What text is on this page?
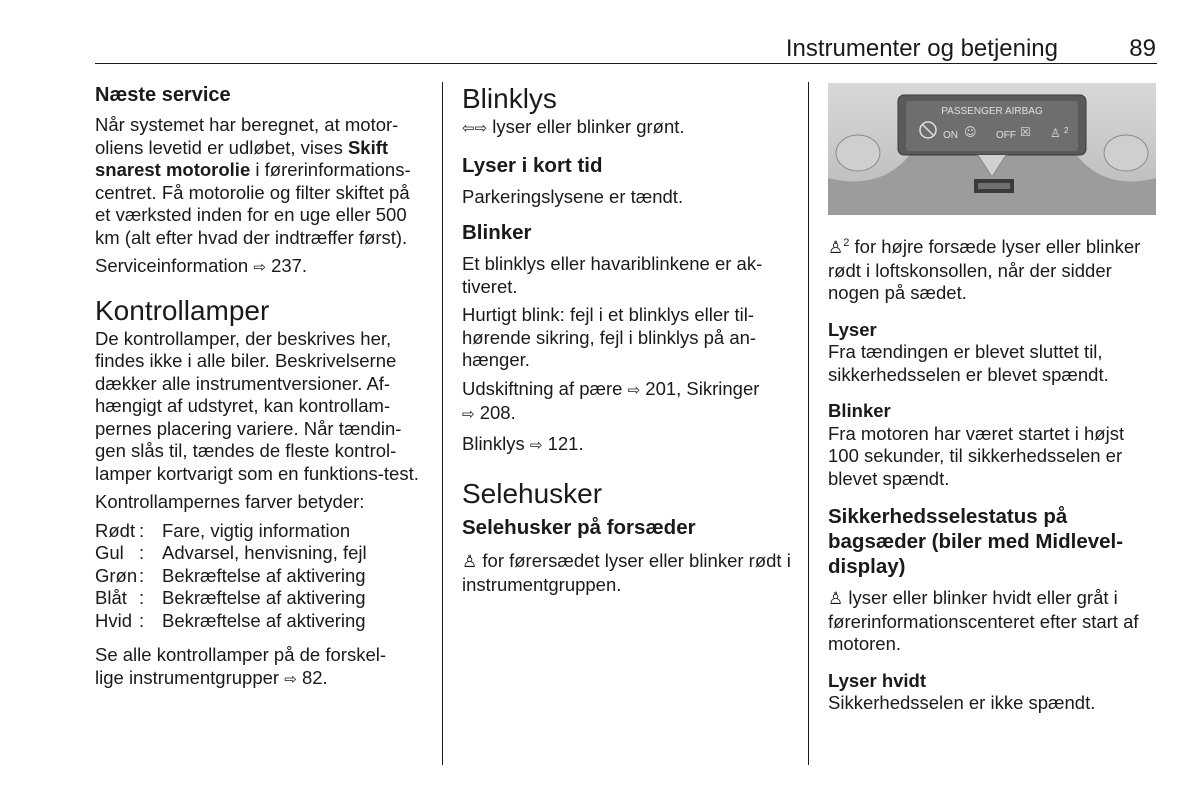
Instrumenter og betjening	89
Næste service

Når systemet har beregnet, at motor-
oliens levetid er udløbet, vises Skift snarest motorolie i førerinformations-centret. Få motorolie og filter skiftet på et værksted inden for en uge eller 500 km (alt efter hvad der indtræffer først).

Serviceinformation ⇨ 237.

Kontrollamper

De kontrollamper, der beskrives her, findes ikke i alle biler. Beskrivelserne dækker alle instrumentversioner. Af-hængigt af udstyret, kan kontrollam-pernes placering variere. Når tændin-gen slås til, tændes de fleste kontrol-lamper kortvarigt som en funktions-test.

Kontrollampernes farver betyder:

Rødt	:	Fare, vigtig information
Gul	:	Advarsel, henvisning, fejl
Grøn	:	Bekræftelse af aktivering
Blåt	:	Bekræftelse af aktivering
Hvid	:	Bekræftelse af aktivering

Se alle kontrollamper på de forskel-
lige instrumentgrupper ⇨ 82.

Blinklys

⇦⇨ lyser eller blinker grønt.

Lyser i kort tid

Parkeringslysene er tændt.

Blinker

Et blinklys eller havariblinkene er ak-tiveret.

Hurtigt blink: fejl i et blinklys eller til-hørende sikring, fejl i blinklys på an-hænger.

Udskiftning af pære ⇨ 201, Sikringer
⇨ 208.

Blinklys ⇨ 121.

Selehusker
Selehusker på forsæder

♙ for førersædet lyser eller blinker rødt i instrumentgruppen.

PASSENGER AIRBAG
ON ☺ OFF ☒ ♙ 2

♙$^2$ for højre forsæde lyser eller blinker rødt i loftskonsollen, når der sidder nogen på sædet.

Lyser

Fra tændingen er blevet sluttet til, sikkerhedsselen er blevet spændt.

Blinker

Fra motoren har været startet i højst 100 sekunder, til sikkerhedsselen er blevet spændt.

Sikkerhedsselestatus på bagsæder (biler med Midlevel-display)

♙ lyser eller blinker hvidt eller gråt i førerinformationscenteret efter start af motoren.

Lyser hvidt

Sikkerhedsselen er ikke spændt.
